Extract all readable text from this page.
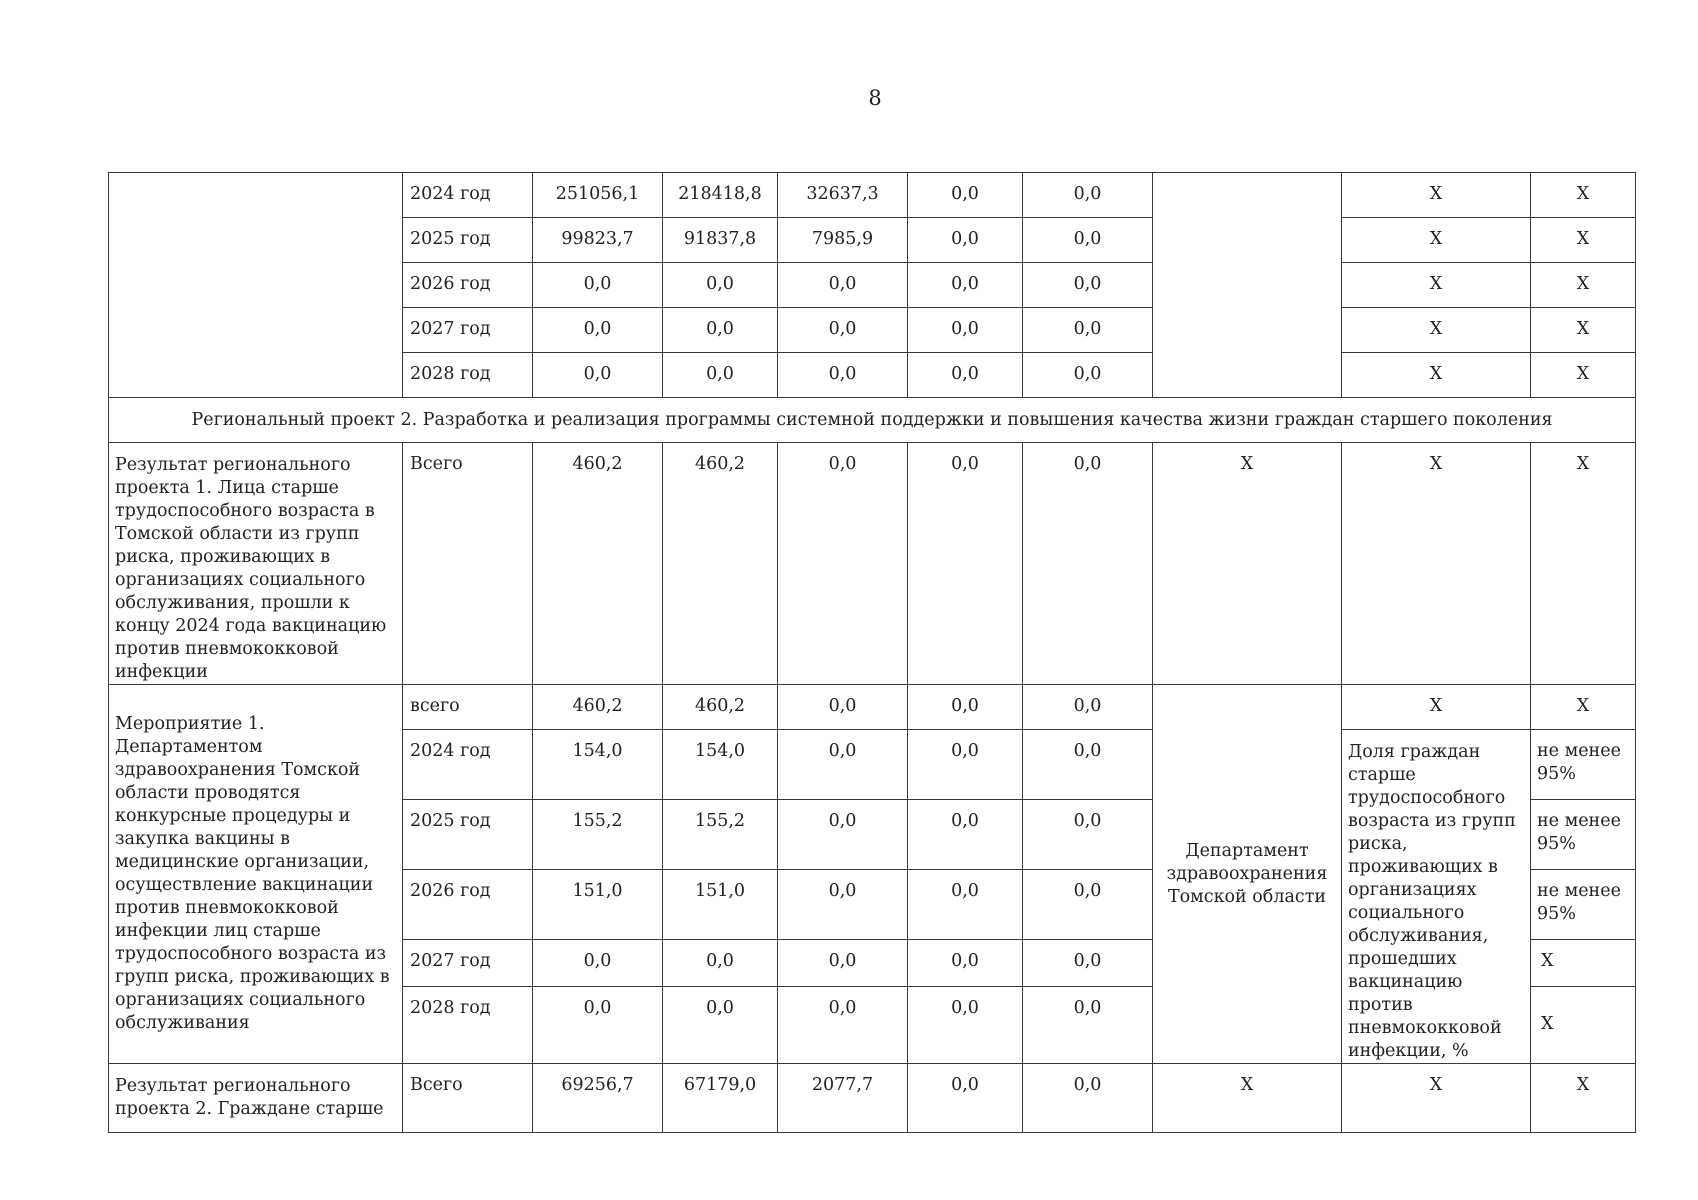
8
	2024 год	251056,1	218418,8	32637,3	0,0	0,0		X	X
	2025 год	99823,7	91837,8	7985,9	0,0	0,0		X	X
	2026 год	0,0	0,0	0,0	0,0	0,0		X	X
	2027 год	0,0	0,0	0,0	0,0	0,0		X	X
	2028 год	0,0	0,0	0,0	0,0	0,0		X	X
Региональный проект 2. Разработка и реализация программы системной поддержки и повышения качества жизни граждан старшего поколения									
Результат регионального проекта 1. Лица старше трудоспособного возраста в Томской области из групп риска, проживающих в организациях социального обслуживания, прошли к концу 2024 года вакцинацию против пневмококковой инфекции	Всего	460,2	460,2	0,0	0,0	0,0	X	X	X
Мероприятие 1. Департаментом здравоохранения Томской области проводятся конкурсные процедуры и закупка вакцины в медицинские организации, осуществление вакцинации против пневмококковой инфекции лиц старше трудоспособного возраста из групп риска, проживающих в организациях социального обслуживания	всего	460,2	460,2	0,0	0,0	0,0	Департамент здравоохранения Томской области	X	X
	2024 год	154,0	154,0	0,0	0,0	0,0		Доля граждан старше трудоспособного возраста из групп риска, проживающих в организациях социального обслуживания, прошедших вакцинацию против пневмококковой инфекции, %	не менее 95%
	2025 год	155,2	155,2	0,0	0,0	0,0			не менее 95%
	2026 год	151,0	151,0	0,0	0,0	0,0			не менее 95%
	2027 год	0,0	0,0	0,0	0,0	0,0			X
	2028 год	0,0	0,0	0,0	0,0	0,0			X
Результат регионального проекта 2. Граждане старше	Всего	69256,7	67179,0	2077,7	0,0	0,0	X	X	X
